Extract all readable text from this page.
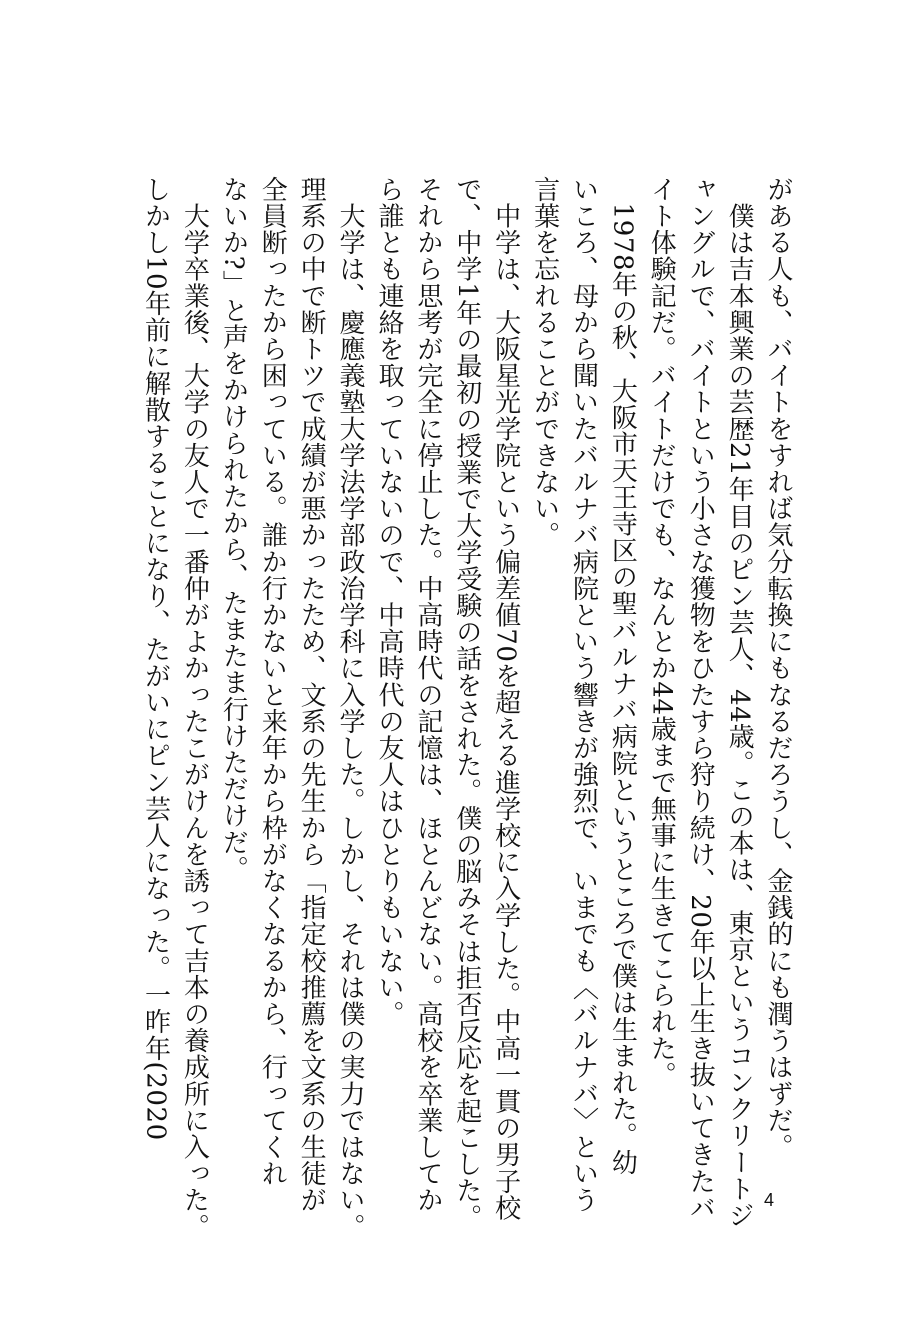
がある人も、バイトをすれば気分転換にもなるだろうし、金銭的にも潤うはずだ。
　僕は吉本興業の芸歴21年目のピン芸人、44歳。この本は、東京というコンクリートジ
ャングルで、バイトという小さな獲物をひたすら狩り続け、20年以上生き抜いてきたバ
イト体験記だ。バイトだけでも、なんとか44歳まで無事に生きてこられた。
　1978年の秋、大阪市天王寺区の聖バルナバ病院というところで僕は生まれた。幼
いころ、母から聞いたバルナバ病院という響きが強烈で、いまでも〈バルナバ〉という
言葉を忘れることができない。
　中学は、大阪星光学院という偏差値70を超える進学校に入学した。中高一貫の男子校
で、中学1年の最初の授業で大学受験の話をされた。僕の脳みそは拒否反応を起こした。
それから思考が完全に停止した。中高時代の記憶は、ほとんどない。高校を卒業してか
ら誰とも連絡を取っていないので、中高時代の友人はひとりもいない。
　大学は、慶應義塾大学法学部政治学科に入学した。しかし、それは僕の実力ではない。
理系の中で断トツで成績が悪かったため、文系の先生から「指定校推薦を文系の生徒が
全員断ったから困っている。誰か行かないと来年から枠がなくなるから、行ってくれ
ないか?」と声をかけられたから、たまたま行けただけだ。
　大学卒業後、大学の友人で一番仲がよかったこがけんを誘って吉本の養成所に入った。
しかし10年前に解散することになり、たがいにピン芸人になった。一昨年(2020
4
